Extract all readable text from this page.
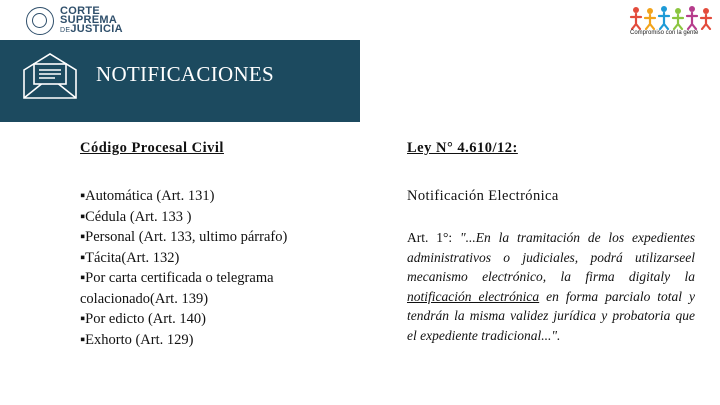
CORTE
SUPREMA
DEJUSTICIA	Compromiso con la gente
NOTIFICACIONES
Código Procesal Civil
▪Automática (Art. 131)
▪Cédula (Art. 133 )
▪Personal (Art. 133, ultimo párrafo)
▪Tácita(Art. 132)
▪Por carta certificada o telegrama colacionado(Art. 139)
▪Por edicto (Art. 140)
▪Exhorto (Art. 129)
Ley N° 4.610/12:
Notificación Electrónica
Art. 1°: "...En la tramitación de los expedientes administrativos o judiciales, podrá utilizarseel mecanismo electrónico, la firma digitaly la notificación electrónica en forma parcialo total y tendrán la misma validez jurídica y probatoria que el expediente tradicional...".
